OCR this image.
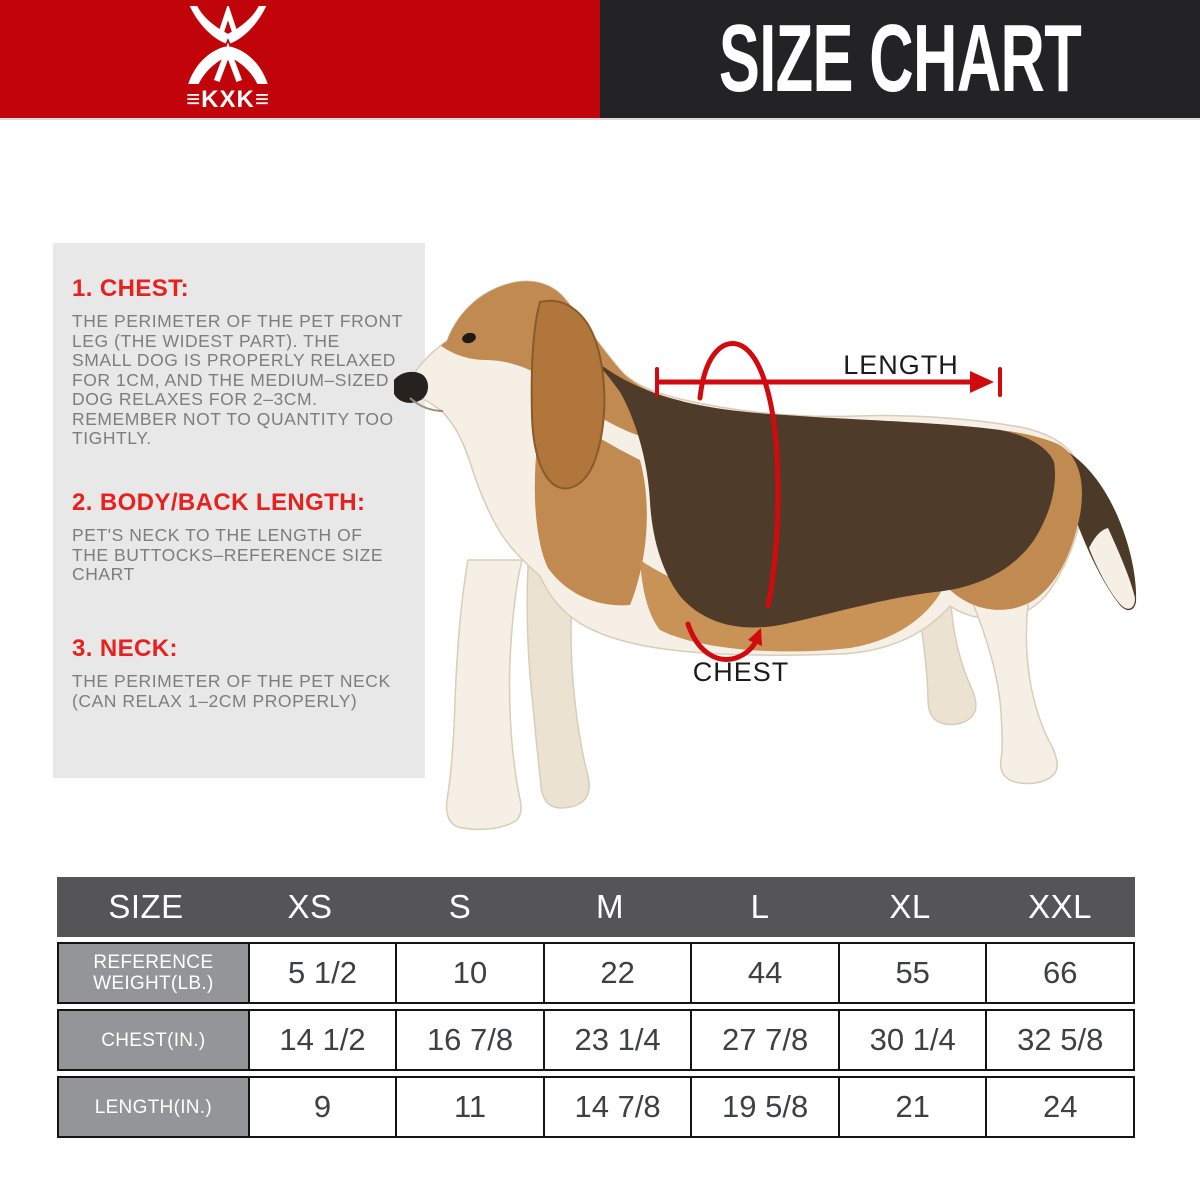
≡KXK≡	SIZE CHART
1. CHEST:

THE PERIMETER OF THE PET FRONT LEG (THE WIDEST PART). THE SMALL DOG IS PROPERLY RELAXED FOR 1CM, AND THE MEDIUM–SIZED DOG RELAXES FOR 2–3CM. REMEMBER NOT TO QUANTITY TOO TIGHTLY.

2. BODY/BACK LENGTH:

PET'S NECK TO THE LENGTH OF THE BUTTOCKS–REFERENCE SIZE CHART

3. NECK:

THE PERIMETER OF THE PET NECK (CAN RELAX 1–2CM PROPERLY)

LENGTH
CHEST
SIZE	XS	S	M	L	XL	XXL
REFERENCE WEIGHT(LB.)	5 1/2	10	22	44	55	66
CHEST(IN.)	14 1/2	16 7/8	23 1/4	27 7/8	30 1/4	32 5/8
LENGTH(IN.)	9	11	14 7/8	19 5/8	21	24
